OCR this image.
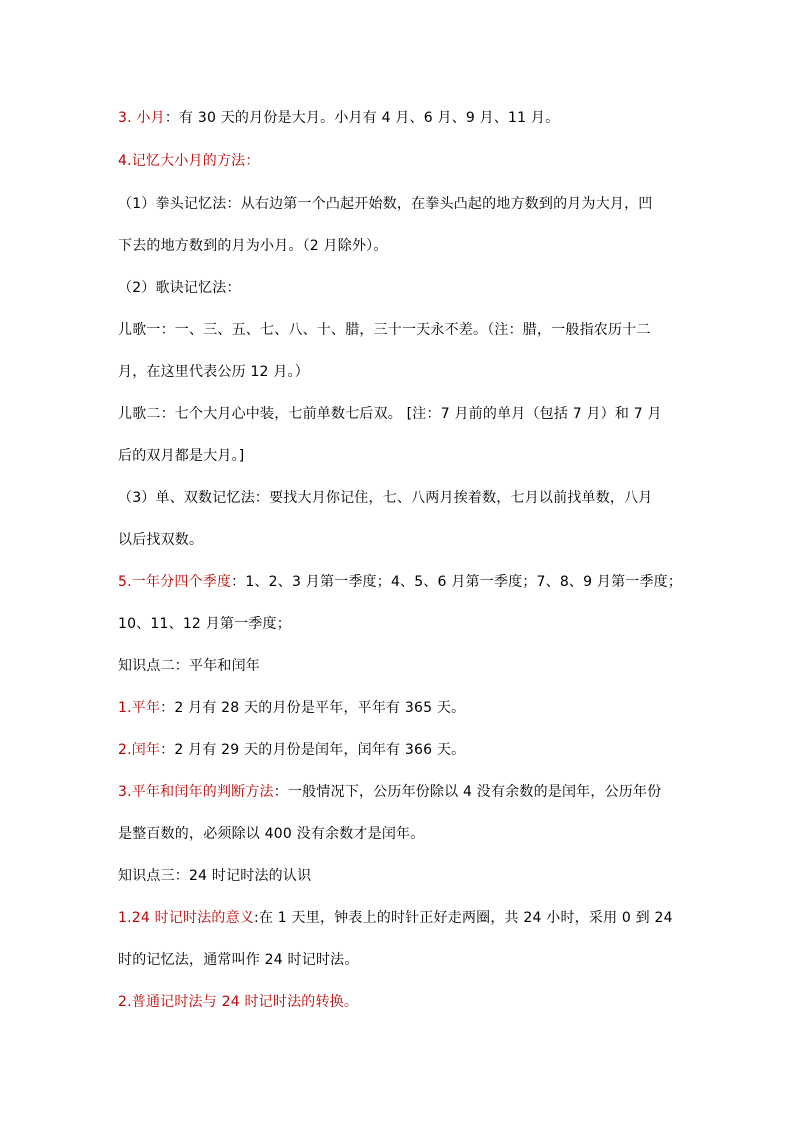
3. 小月：有 30 天的月份是大月。小月有 4 月、6 月、9 月、11 月。
4.记忆大小月的方法：
（1）拳头记忆法：从右边第一个凸起开始数，在拳头凸起的地方数到的月为大月，凹
下去的地方数到的月为小月。（2 月除外）。
（2）歌诀记忆法：
儿歌一：一、三、五、七、八、十、腊，三十一天永不差。（注：腊，一般指农历十二
月，在这里代表公历 12 月。）
儿歌二：七个大月心中装，七前单数七后双。 [注：7 月前的单月（包括 7 月）和 7 月
后的双月都是大月。]
（3）单、双数记忆法：要找大月你记住，七、八两月挨着数，七月以前找单数，八月
以后找双数。
5.一年分四个季度：1、2、3 月第一季度；4、5、6 月第一季度；7、8、9 月第一季度；
10、11、12 月第一季度；
知识点二：平年和闰年
1.平年：2 月有 28 天的月份是平年，平年有 365 天。
2.闰年：2 月有 29 天的月份是闰年，闰年有 366 天。
3.平年和闰年的判断方法：一般情况下，公历年份除以 4 没有余数的是闰年，公历年份
是整百数的，必须除以 400 没有余数才是闰年。
知识点三：24 时记时法的认识
1.24 时记时法的意义:在 1 天里，钟表上的时针正好走两圈，共 24 小时，采用 0 到 24
时的记忆法，通常叫作 24 时记时法。
2.普通记时法与 24 时记时法的转换。
